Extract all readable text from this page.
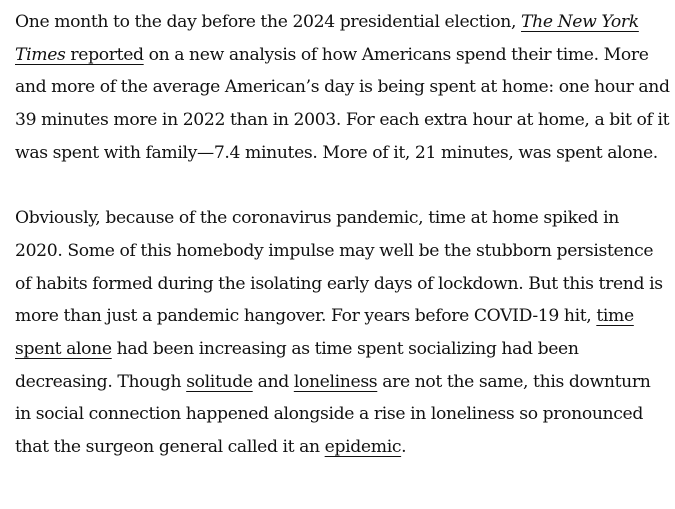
One month to the day before the 2024 presidential election, The New York Times reported on a new analysis of how Americans spend their time. More and more of the average American’s day is being spent at home: one hour and 39 minutes more in 2022 than in 2003. For each extra hour at home, a bit of it was spent with family—7.4 minutes. More of it, 21 minutes, was spent alone.

Obviously, because of the coronavirus pandemic, time at home spiked in 2020. Some of this homebody impulse may well be the stubborn persistence of habits formed during the isolating early days of lockdown. But this trend is more than just a pandemic hangover. For years before COVID-19 hit, time spent alone had been increasing as time spent socializing had been decreasing. Though solitude and loneliness are not the same, this downturn in social connection happened alongside a rise in loneliness so pronounced that the surgeon general called it an epidemic.
